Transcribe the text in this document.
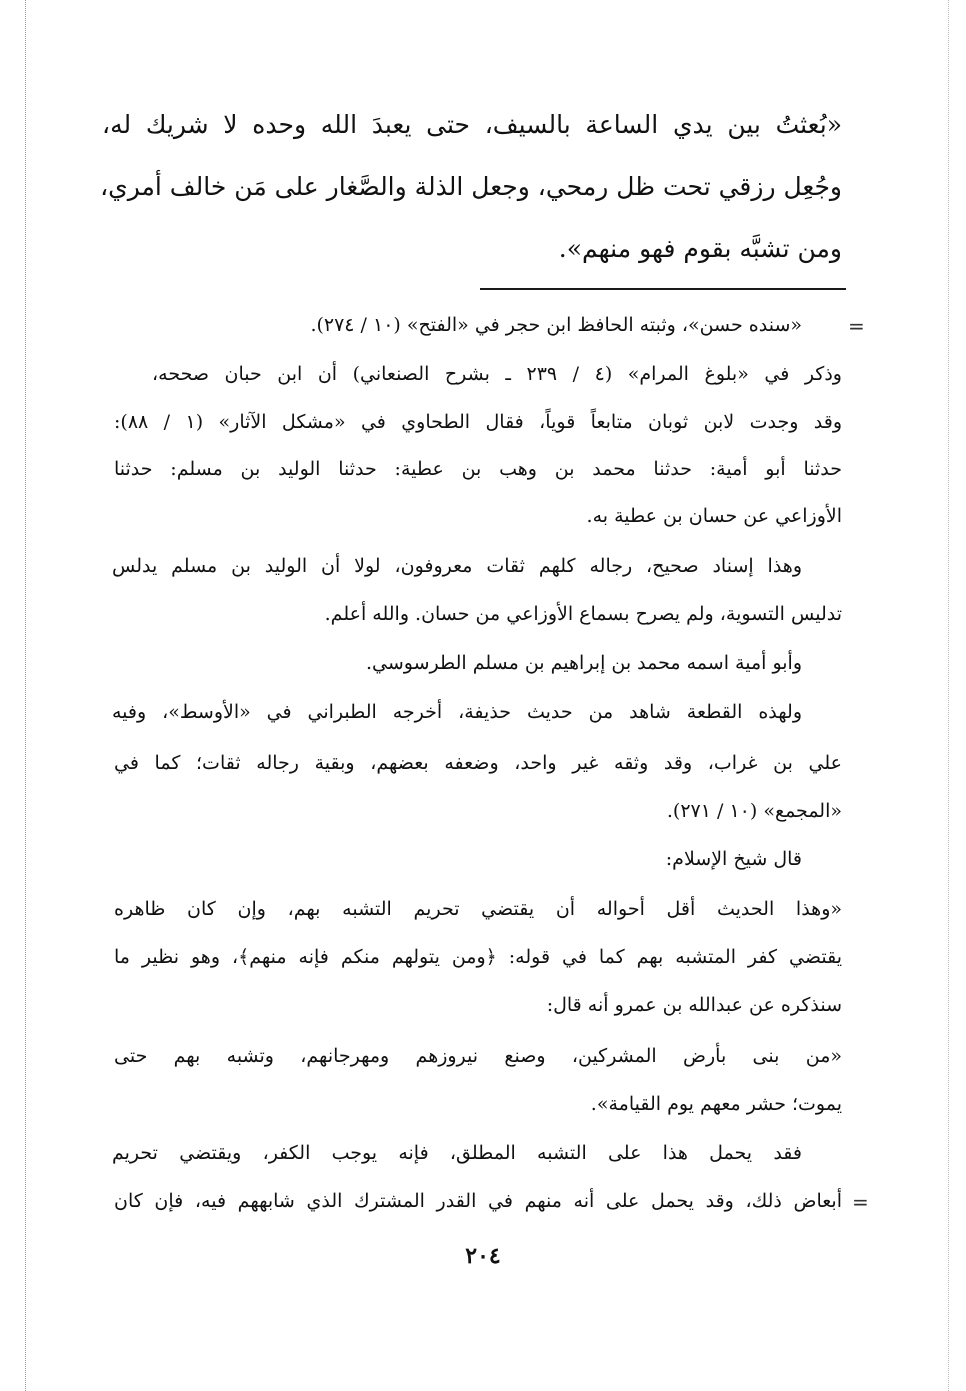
«بُعثتُ بين يدي الساعة بالسيف، حتى يعبدَ الله وحده لا شريك له،
وجُعِل رزقي تحت ظل رمحي، وجعل الذلة والصَّغار على مَن خالف أمري،
ومن تشبَّه بقوم فهو منهم».
=
«سنده حسن»، وثبته الحافظ ابن حجر في «الفتح» (١٠ / ٢٧٤).
وذكر في «بلوغ المرام» (٤ / ٢٣٩ ـ بشرح الصنعاني) أن ابن حبان صححه،
وقد وجدت لابن ثوبان متابعاً قوياً، فقال الطحاوي في «مشكل الآثار» (١ / ٨٨):
حدثنا أبو أمية: حدثنا محمد بن وهب بن عطية: حدثنا الوليد بن مسلم: حدثنا
الأوزاعي عن حسان بن عطية به.
وهذا إسناد صحيح، رجاله كلهم ثقات معروفون، لولا أن الوليد بن مسلم يدلس
تدليس التسوية، ولم يصرح بسماع الأوزاعي من حسان. والله أعلم.
وأبو أمية اسمه محمد بن إبراهيم بن مسلم الطرسوسي.
ولهذه القطعة شاهد من حديث حذيفة، أخرجه الطبراني في «الأوسط»، وفيه
علي بن غراب، وقد وثقه غير واحد، وضعفه بعضهم، وبقية رجاله ثقات؛ كما في
«المجمع» (١٠ / ٢٧١).
قال شيخ الإسلام:
«وهذا الحديث أقل أحواله أن يقتضي تحريم التشبه بهم، وإن كان ظاهره
يقتضي كفر المتشبه بهم كما في قوله: ﴿ومن يتولهم منكم فإنه منهم﴾، وهو نظير ما
سنذكره عن عبدالله بن عمرو أنه قال:
«من بنى بأرض المشركين، وصنع نيروزهم ومهرجانهم، وتشبه بهم حتى
يموت؛ حشر معهم يوم القيامة».
فقد يحمل هذا على التشبه المطلق، فإنه يوجب الكفر، ويقتضي تحريم
أبعاض ذلك، وقد يحمل على أنه منهم في القدر المشترك الذي شابههم فيه، فإن كان =
٢٠٤
